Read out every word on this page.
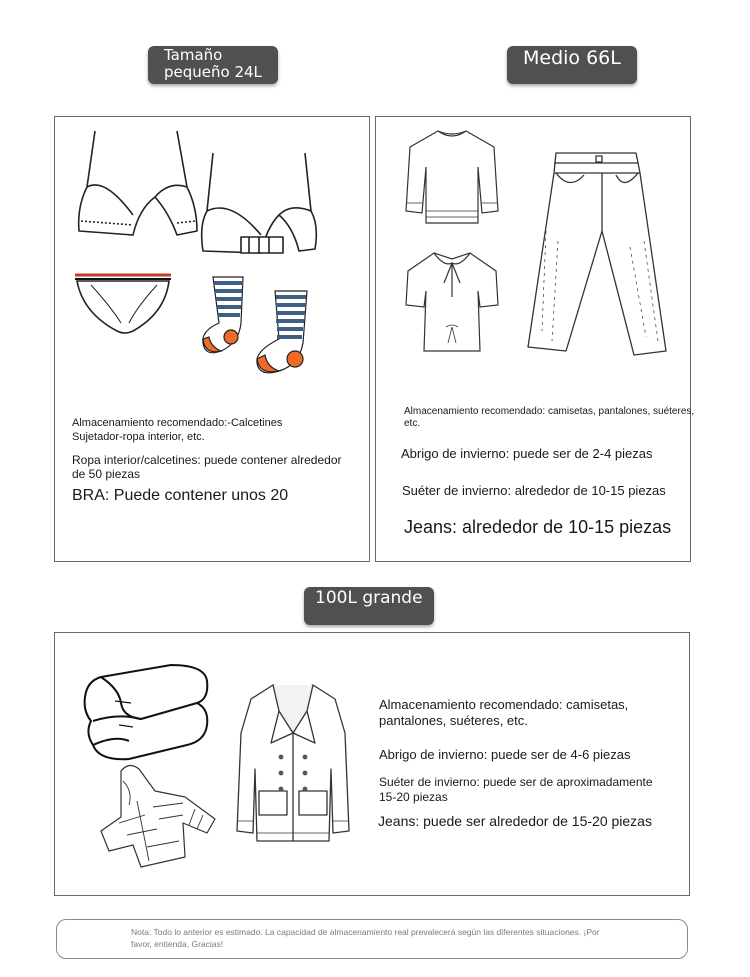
Tamaño
pequeño 24L
Almacenamiento recomendado:-Calcetines
Sujetador-ropa interior, etc.
Ropa interior/calcetines: puede contener alrededor
de 50 piezas
BRA: Puede contener unos 20
Medio 66L
Almacenamiento recomendado: camisetas, pantalones, suéteres,
etc.
Abrigo de invierno: puede ser de 2-4 piezas
Suéter de invierno: alrededor de 10-15 piezas
Jeans: alrededor de 10-15 piezas
100L grande
Almacenamiento recomendado: camisetas,
pantalones, suéteres, etc.
Abrigo de invierno: puede ser de 4-6 piezas
Suéter de invierno: puede ser de aproximadamente
15-20 piezas
Jeans: puede ser alrededor de 15-20 piezas
Nota: Todo lo anterior es estimado. La capacidad de almacenamiento real prevalecerá según las diferentes situaciones. ¡Por
favor, entienda, Gracias!
